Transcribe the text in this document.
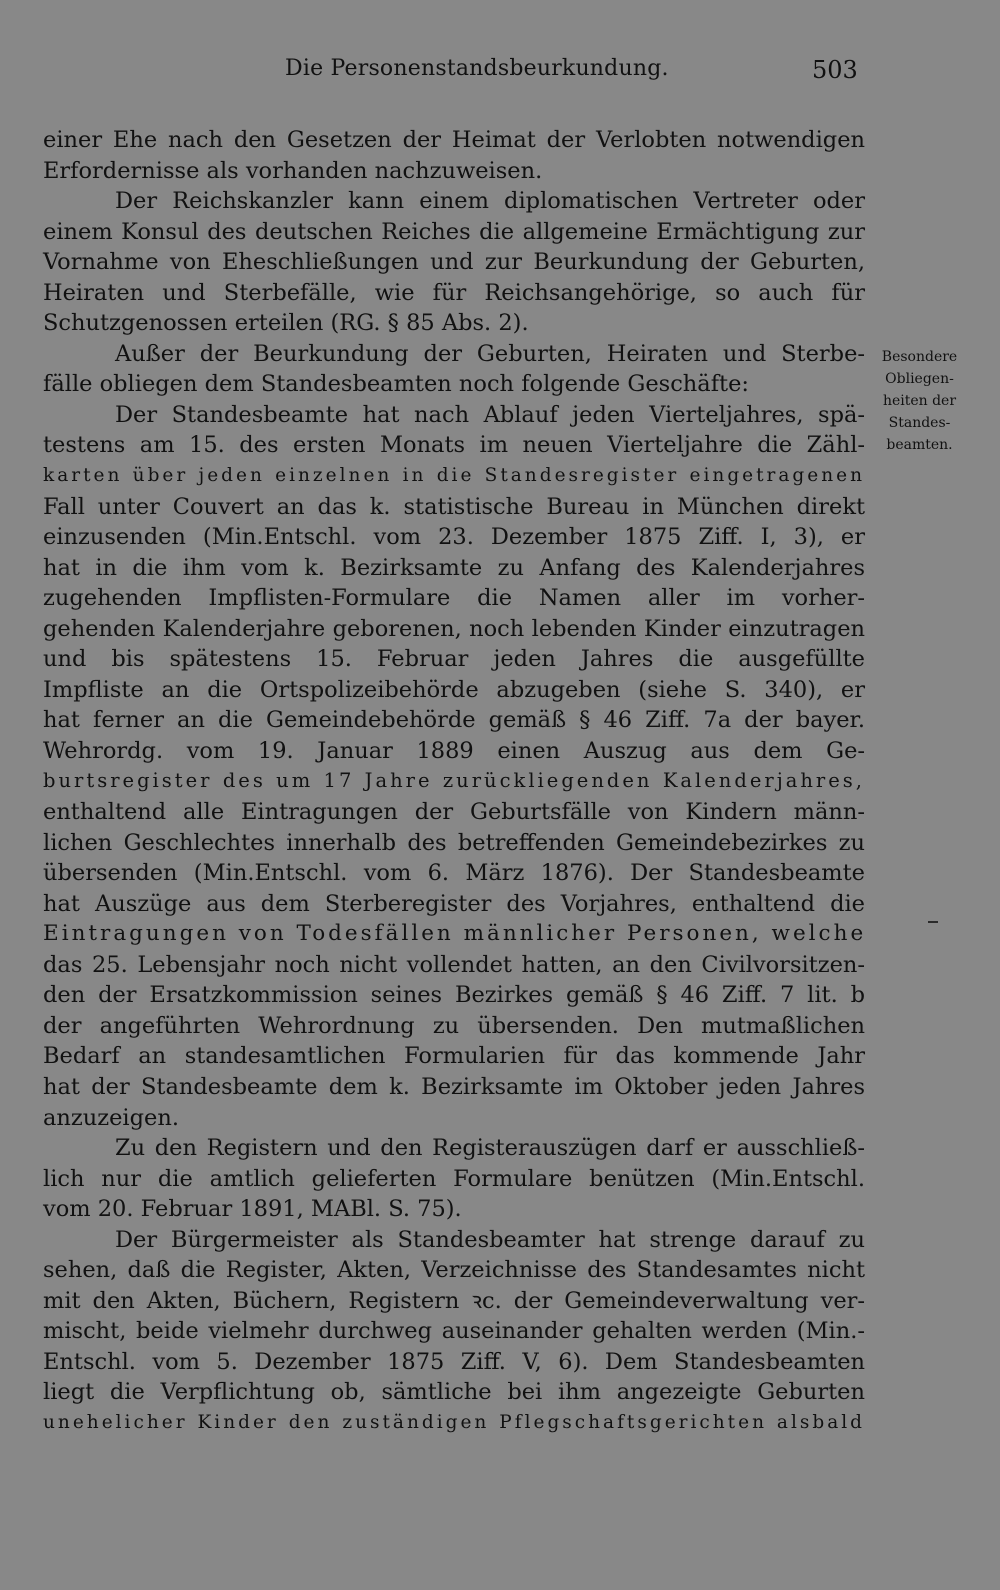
Die Personenstandsbeurkundung.	503
einer Ehe nach den Gesetzen der Heimat der Verlobten notwendigen
Erfordernisse als vorhanden nachzuweisen.
Der Reichskanzler kann einem diplomatischen Vertreter oder
einem Konsul des deutschen Reiches die allgemeine Ermächtigung zur
Vornahme von Eheschließungen und zur Beurkundung der Geburten,
Heiraten und Sterbefälle, wie für Reichsangehörige, so auch für
Schutzgenossen erteilen (RG. § 85 Abs. 2).
Außer der Beurkundung der Geburten, Heiraten und Sterbe-
fälle obliegen dem Standesbeamten noch folgende Geschäfte:
Der Standesbeamte hat nach Ablauf jeden Vierteljahres, spä-
testens am 15. des ersten Monats im neuen Vierteljahre die Zähl-
karten über jeden einzelnen in die Standesregister eingetragenen
Fall unter Couvert an das k. statistische Bureau in München direkt
einzusenden (Min.Entschl. vom 23. Dezember 1875 Ziff. I, 3), er
hat in die ihm vom k. Bezirksamte zu Anfang des Kalenderjahres
zugehenden Impflisten-Formulare die Namen aller im vorher-
gehenden Kalenderjahre geborenen, noch lebenden Kinder einzutragen
und bis spätestens 15. Februar jeden Jahres die ausgefüllte
Impfliste an die Ortspolizeibehörde abzugeben (siehe S. 340), er
hat ferner an die Gemeindebehörde gemäß § 46 Ziff. 7a der bayer.
Wehrordg. vom 19. Januar 1889 einen Auszug aus dem Ge-
burtsregister des um 17 Jahre zurückliegenden Kalenderjahres,
enthaltend alle Eintragungen der Geburtsfälle von Kindern männ-
lichen Geschlechtes innerhalb des betreffenden Gemeindebezirkes zu
übersenden (Min.Entschl. vom 6. März 1876). Der Standesbeamte
hat Auszüge aus dem Sterberegister des Vorjahres, enthaltend die
Eintragungen von Todesfällen männlicher Personen, welche
das 25. Lebensjahr noch nicht vollendet hatten, an den Civilvorsitzen-
den der Ersatzkommission seines Bezirkes gemäß § 46 Ziff. 7 lit. b
der angeführten Wehrordnung zu übersenden. Den mutmaßlichen
Bedarf an standesamtlichen Formularien für das kommende Jahr
hat der Standesbeamte dem k. Bezirksamte im Oktober jeden Jahres
anzuzeigen.
Zu den Registern und den Registerauszügen darf er ausschließ-
lich nur die amtlich gelieferten Formulare benützen (Min.Entschl.
vom 20. Februar 1891, MABl. S. 75).
Der Bürgermeister als Standesbeamter hat strenge darauf zu
sehen, daß die Register, Akten, Verzeichnisse des Standesamtes nicht
mit den Akten, Büchern, Registern ꝛc. der Gemeindeverwaltung ver-
mischt, beide vielmehr durchweg auseinander gehalten werden (Min.-
Entschl. vom 5. Dezember 1875 Ziff. V, 6). Dem Standesbeamten
liegt die Verpflichtung ob, sämtliche bei ihm angezeigte Geburten
unehelicher Kinder den zuständigen Pflegschaftsgerichten alsbald
Besondere
Obliegen-
heiten der
Standes-
beamten.
